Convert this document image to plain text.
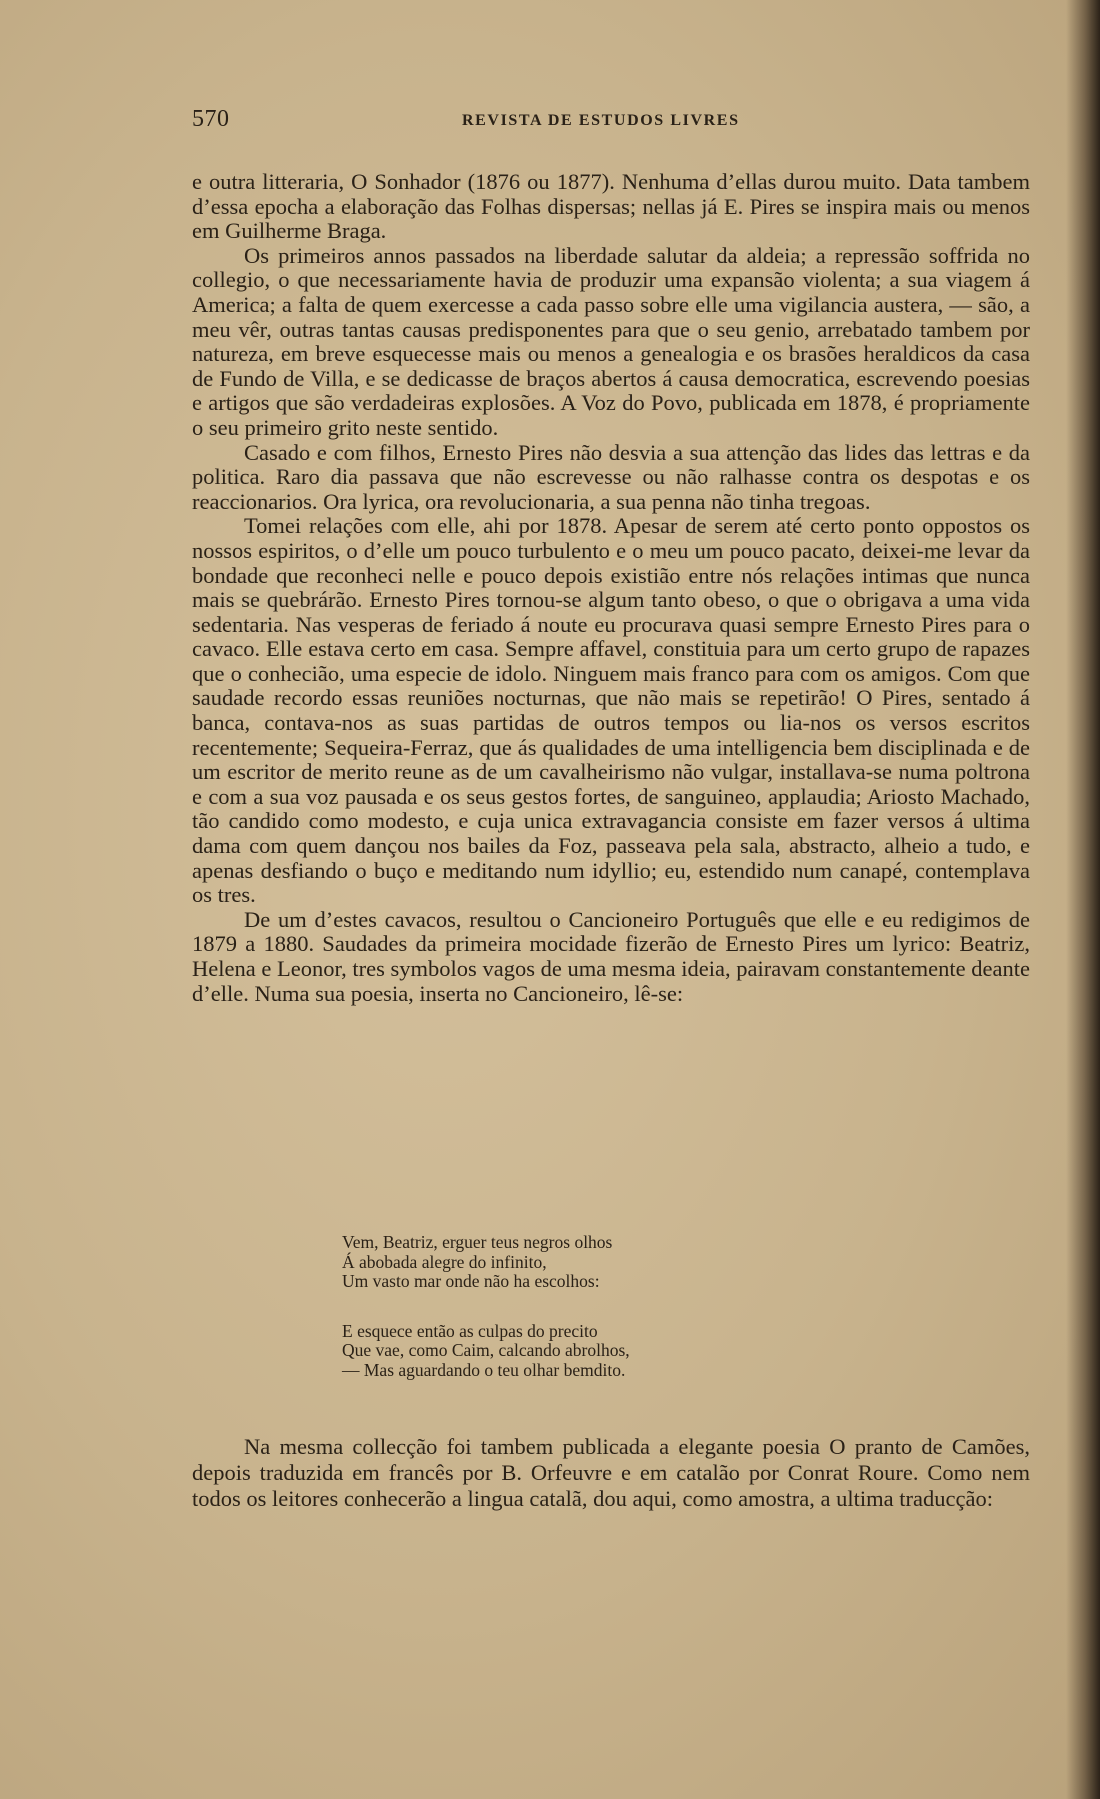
570	REVISTA DE ESTUDOS LIVRES

e outra litteraria, O Sonhador (1876 ou 1877). Nenhuma d’ellas durou muito. Data tambem d’essa epocha a elaboração das Folhas dispersas; nellas já E. Pires se inspira mais ou menos em Guilherme Braga.

Os primeiros annos passados na liberdade salutar da aldeia; a repressão soffrida no collegio, o que necessariamente havia de produzir uma expansão violenta; a sua viagem á America; a falta de quem exercesse a cada passo sobre elle uma vigilancia austera, — são, a meu vêr, outras tantas causas predisponentes para que o seu genio, arrebatado tambem por natureza, em breve esquecesse mais ou menos a genealogia e os brasões heraldicos da casa de Fundo de Villa, e se dedicasse de braços abertos á causa democratica, escrevendo poesias e artigos que são verdadeiras explosões. A Voz do Povo, publicada em 1878, é propriamente o seu primeiro grito neste sentido.

Casado e com filhos, Ernesto Pires não desvia a sua attenção das lides das lettras e da politica. Raro dia passava que não escrevesse ou não ralhasse contra os despotas e os reaccionarios. Ora lyrica, ora revolucionaria, a sua penna não tinha tregoas.

Tomei relações com elle, ahi por 1878. Apesar de serem até certo ponto oppostos os nossos espiritos, o d’elle um pouco turbulento e o meu um pouco pacato, deixei-me levar da bondade que reconheci nelle e pouco depois existião entre nós relações intimas que nunca mais se quebrárão. Ernesto Pires tornou-se algum tanto obeso, o que o obrigava a uma vida sedentaria. Nas vesperas de feriado á noute eu procurava quasi sempre Ernesto Pires para o cavaco. Elle estava certo em casa. Sempre affavel, constituia para um certo grupo de rapazes que o conhecião, uma especie de idolo. Ninguem mais franco para com os amigos. Com que saudade recordo essas reuniões nocturnas, que não mais se repetirão! O Pires, sentado á banca, contava-nos as suas partidas de outros tempos ou lia-nos os versos escritos recentemente; Sequeira-Ferraz, que ás qualidades de uma intelligencia bem disciplinada e de um escritor de merito reune as de um cavalheirismo não vulgar, installava-se numa poltrona e com a sua voz pausada e os seus gestos fortes, de sanguineo, applaudia; Ariosto Machado, tão candido como modesto, e cuja unica extravagancia consiste em fazer versos á ultima dama com quem dançou nos bailes da Foz, passeava pela sala, abstracto, alheio a tudo, e apenas desfiando o buço e meditando num idyllio; eu, estendido num canapé, contemplava os tres.

De um d’estes cavacos, resultou o Cancioneiro Português que elle e eu redigimos de 1879 a 1880. Saudades da primeira mocidade fizerão de Ernesto Pires um lyrico: Beatriz, Helena e Leonor, tres symbolos vagos de uma mesma ideia, pairavam constantemente deante d’elle. Numa sua poesia, inserta no Cancioneiro, lê-se:

Vem, Beatriz, erguer teus negros olhos
Á abobada alegre do infinito,
Um vasto mar onde não ha escolhos:
E esquece então as culpas do precito
Que vae, como Caim, calcando abrolhos,
— Mas aguardando o teu olhar bemdito.

Na mesma collecção foi tambem publicada a elegante poesia O pranto de Camões, depois traduzida em francês por B. Orfeuvre e em catalão por Conrat Roure. Como nem todos os leitores conhecerão a lingua catalã, dou aqui, como amostra, a ultima traducção:
